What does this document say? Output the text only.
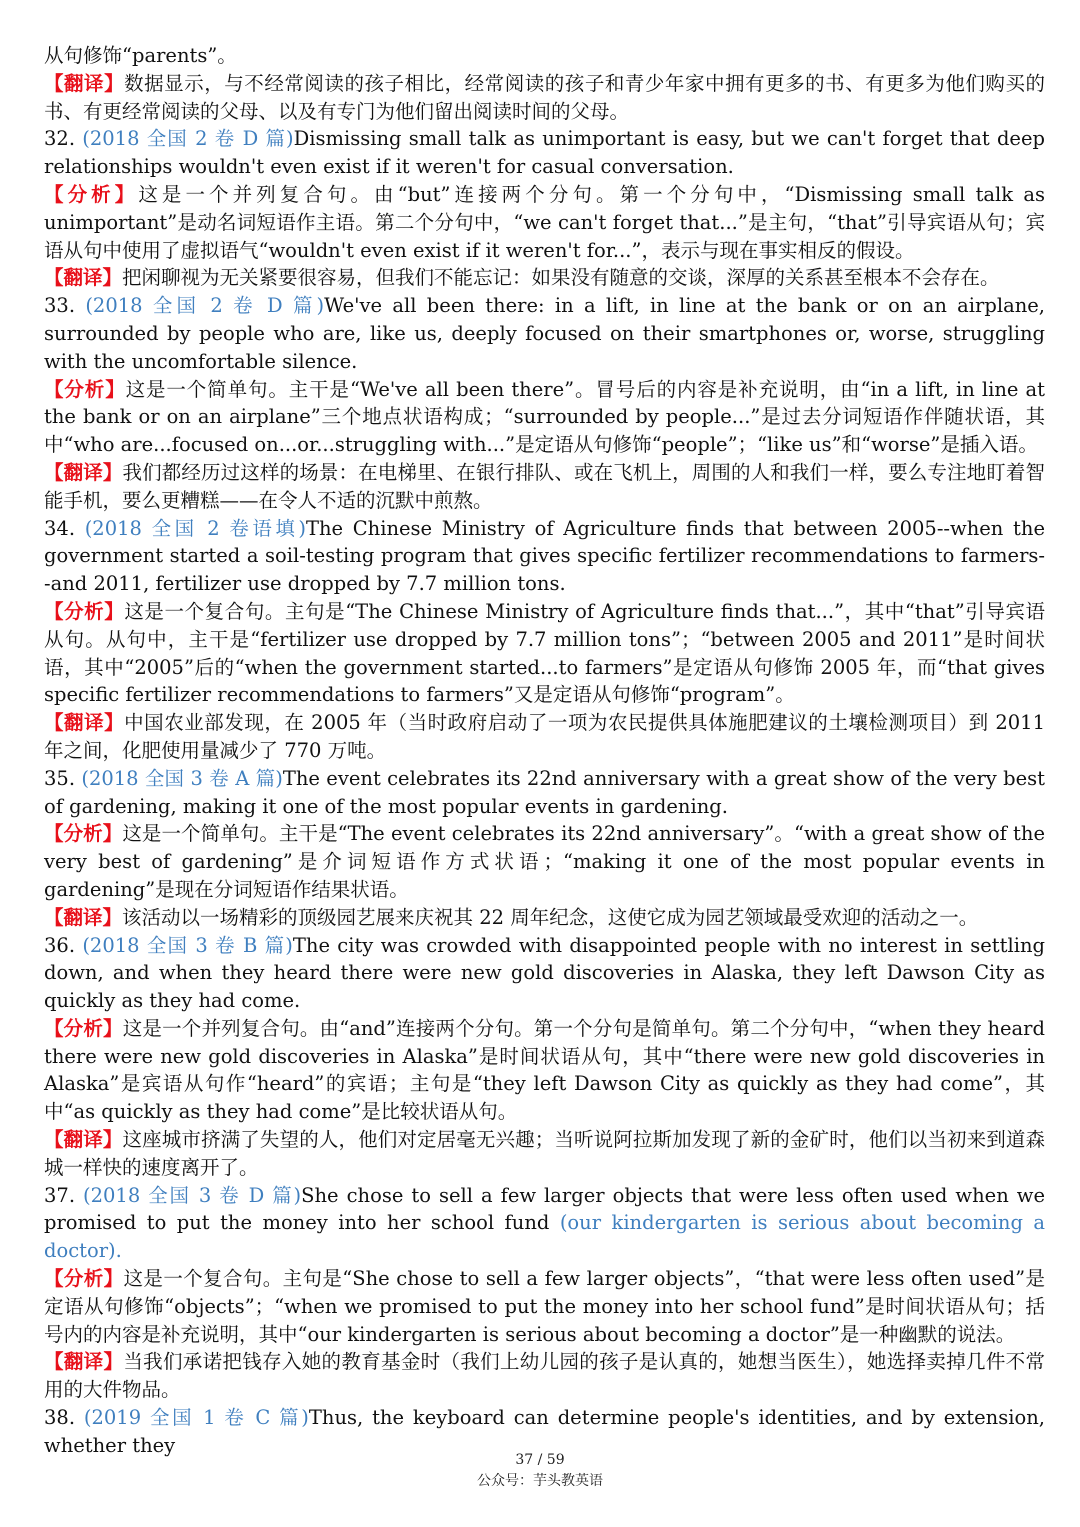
从句修饰“parents”。

【翻译】数据显示，与不经常阅读的孩子相比，经常阅读的孩子和青少年家中拥有更多的书、有更多为他们购买的书、有更经常阅读的父母、以及有专门为他们留出阅读时间的父母。

32. (2018 全国 2 卷 D 篇)Dismissing small talk as unimportant is easy, but we can't forget that deep relationships wouldn't even exist if it weren't for casual conversation.

【分析】这是一个并列复合句。由“but”连接两个分句。第一个分句中，“Dismissing small talk as unimportant”是动名词短语作主语。第二个分句中，“we can't forget that...”是主句，“that”引导宾语从句；宾语从句中使用了虚拟语气“wouldn't even exist if it weren't for...”，表示与现在事实相反的假设。

【翻译】把闲聊视为无关紧要很容易，但我们不能忘记：如果没有随意的交谈，深厚的关系甚至根本不会存在。

33. (2018 全国 2 卷 D 篇)We've all been there: in a lift, in line at the bank or on an airplane, surrounded by people who are, like us, deeply focused on their smartphones or, worse, struggling with the uncomfortable silence.

【分析】这是一个简单句。主干是“We've all been there”。冒号后的内容是补充说明，由“in a lift, in line at the bank or on an airplane”三个地点状语构成；“surrounded by people...”是过去分词短语作伴随状语，其中“who are...focused on...or...struggling with...”是定语从句修饰“people”；“like us”和“worse”是插入语。

【翻译】我们都经历过这样的场景：在电梯里、在银行排队、或在飞机上，周围的人和我们一样，要么专注地盯着智能手机，要么更糟糕——在令人不适的沉默中煎熬。

34. (2018 全国 2 卷语填)The Chinese Ministry of Agriculture finds that between 2005--when the government started a soil-testing program that gives specific fertilizer recommendations to farmers--and 2011, fertilizer use dropped by 7.7 million tons.

【分析】这是一个复合句。主句是“The Chinese Ministry of Agriculture finds that...”，其中“that”引导宾语从句。从句中，主干是“fertilizer use dropped by 7.7 million tons”；“between 2005 and 2011”是时间状语，其中“2005”后的“when the government started...to farmers”是定语从句修饰 2005 年，而“that gives specific fertilizer recommendations to farmers”又是定语从句修饰“program”。

【翻译】中国农业部发现，在 2005 年（当时政府启动了一项为农民提供具体施肥建议的土壤检测项目）到 2011 年之间，化肥使用量减少了 770 万吨。

35. (2018 全国 3 卷 A 篇)The event celebrates its 22nd anniversary with a great show of the very best of gardening, making it one of the most popular events in gardening.

【分析】这是一个简单句。主干是“The event celebrates its 22nd anniversary”。“with a great show of the very best of gardening”是介词短语作方式状语；“making it one of the most popular events in gardening”是现在分词短语作结果状语。

【翻译】该活动以一场精彩的顶级园艺展来庆祝其 22 周年纪念，这使它成为园艺领域最受欢迎的活动之一。

36. (2018 全国 3 卷 B 篇)The city was crowded with disappointed people with no interest in settling down, and when they heard there were new gold discoveries in Alaska, they left Dawson City as quickly as they had come.

【分析】这是一个并列复合句。由“and”连接两个分句。第一个分句是简单句。第二个分句中，“when they heard there were new gold discoveries in Alaska”是时间状语从句，其中“there were new gold discoveries in Alaska”是宾语从句作“heard”的宾语；主句是“they left Dawson City as quickly as they had come”，其中“as quickly as they had come”是比较状语从句。

【翻译】这座城市挤满了失望的人，他们对定居毫无兴趣；当听说阿拉斯加发现了新的金矿时，他们以当初来到道森城一样快的速度离开了。

37. (2018 全国 3 卷 D 篇)She chose to sell a few larger objects that were less often used when we promised to put the money into her school fund (our kindergarten is serious about becoming a doctor).

【分析】这是一个复合句。主句是“She chose to sell a few larger objects”，“that were less often used”是定语从句修饰“objects”；“when we promised to put the money into her school fund”是时间状语从句；括号内的内容是补充说明，其中“our kindergarten is serious about becoming a doctor”是一种幽默的说法。

【翻译】当我们承诺把钱存入她的教育基金时（我们上幼儿园的孩子是认真的，她想当医生），她选择卖掉几件不常用的大件物品。

38. (2019 全国 1 卷 C 篇)Thus, the keyboard can determine people's identities, and by extension, whether they

37 / 59
公众号：芋头教英语
